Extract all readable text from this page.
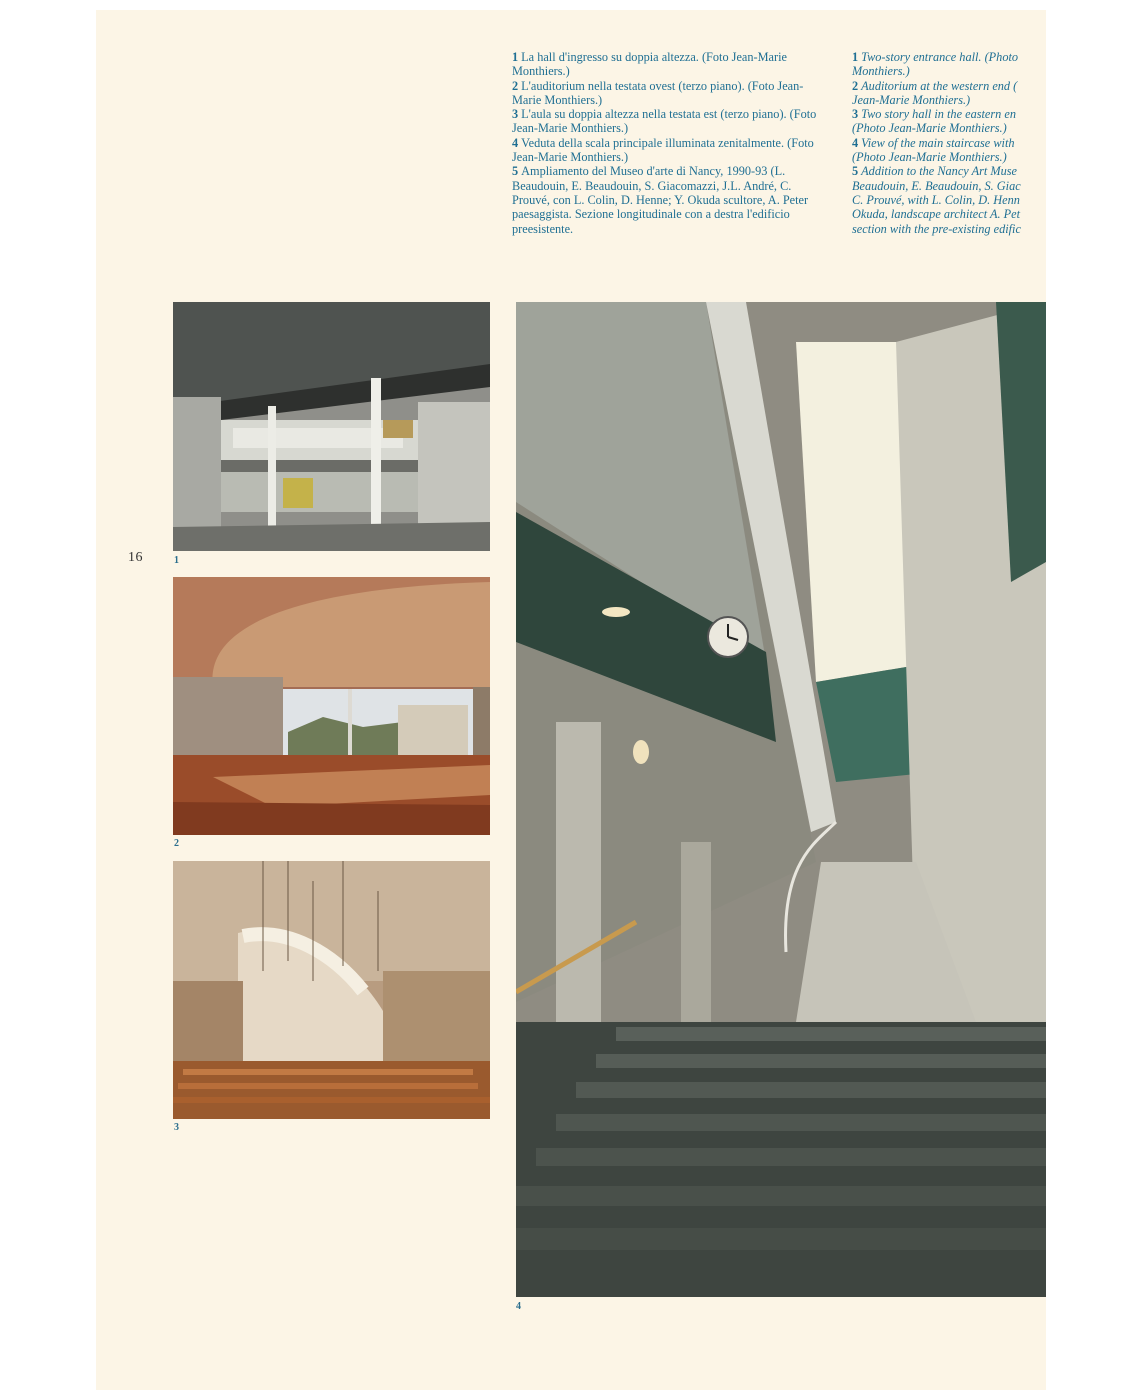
16

1 La hall d'ingresso su doppia altezza. (Foto Jean-Marie Monthiers.)

2 L'auditorium nella testata ovest (terzo piano). (Foto Jean-Marie Monthiers.)

3 L'aula su doppia altezza nella testata est (terzo piano). (Foto Jean-Marie Monthiers.)

4 Veduta della scala principale illuminata zenitalmente. (Foto Jean-Marie Monthiers.)

5 Ampliamento del Museo d'arte di Nancy, 1990-93 (L. Beaudouin, E. Beaudouin, S. Giacomazzi, J.L. André, C. Prouvé, con L. Colin, D. Henne; Y. Okuda scultore, A. Peter paesaggista. Sezione longitudinale con a destra l'edificio preesistente.

1 Two-story entrance hall. (Photo
Monthiers.)

2 Auditorium at the western end (
Jean-Marie Monthiers.)

3 Two story hall in the eastern en
(Photo Jean-Marie Monthiers.)

4 View of the main staircase with
(Photo Jean-Marie Monthiers.)

5 Addition to the Nancy Art Muse
Beaudouin, E. Beaudouin, S. Giac
C. Prouvé, with L. Colin, D. Henn
Okuda, landscape architect A. Pet
section with the pre-existing edific

1
2
3
4
